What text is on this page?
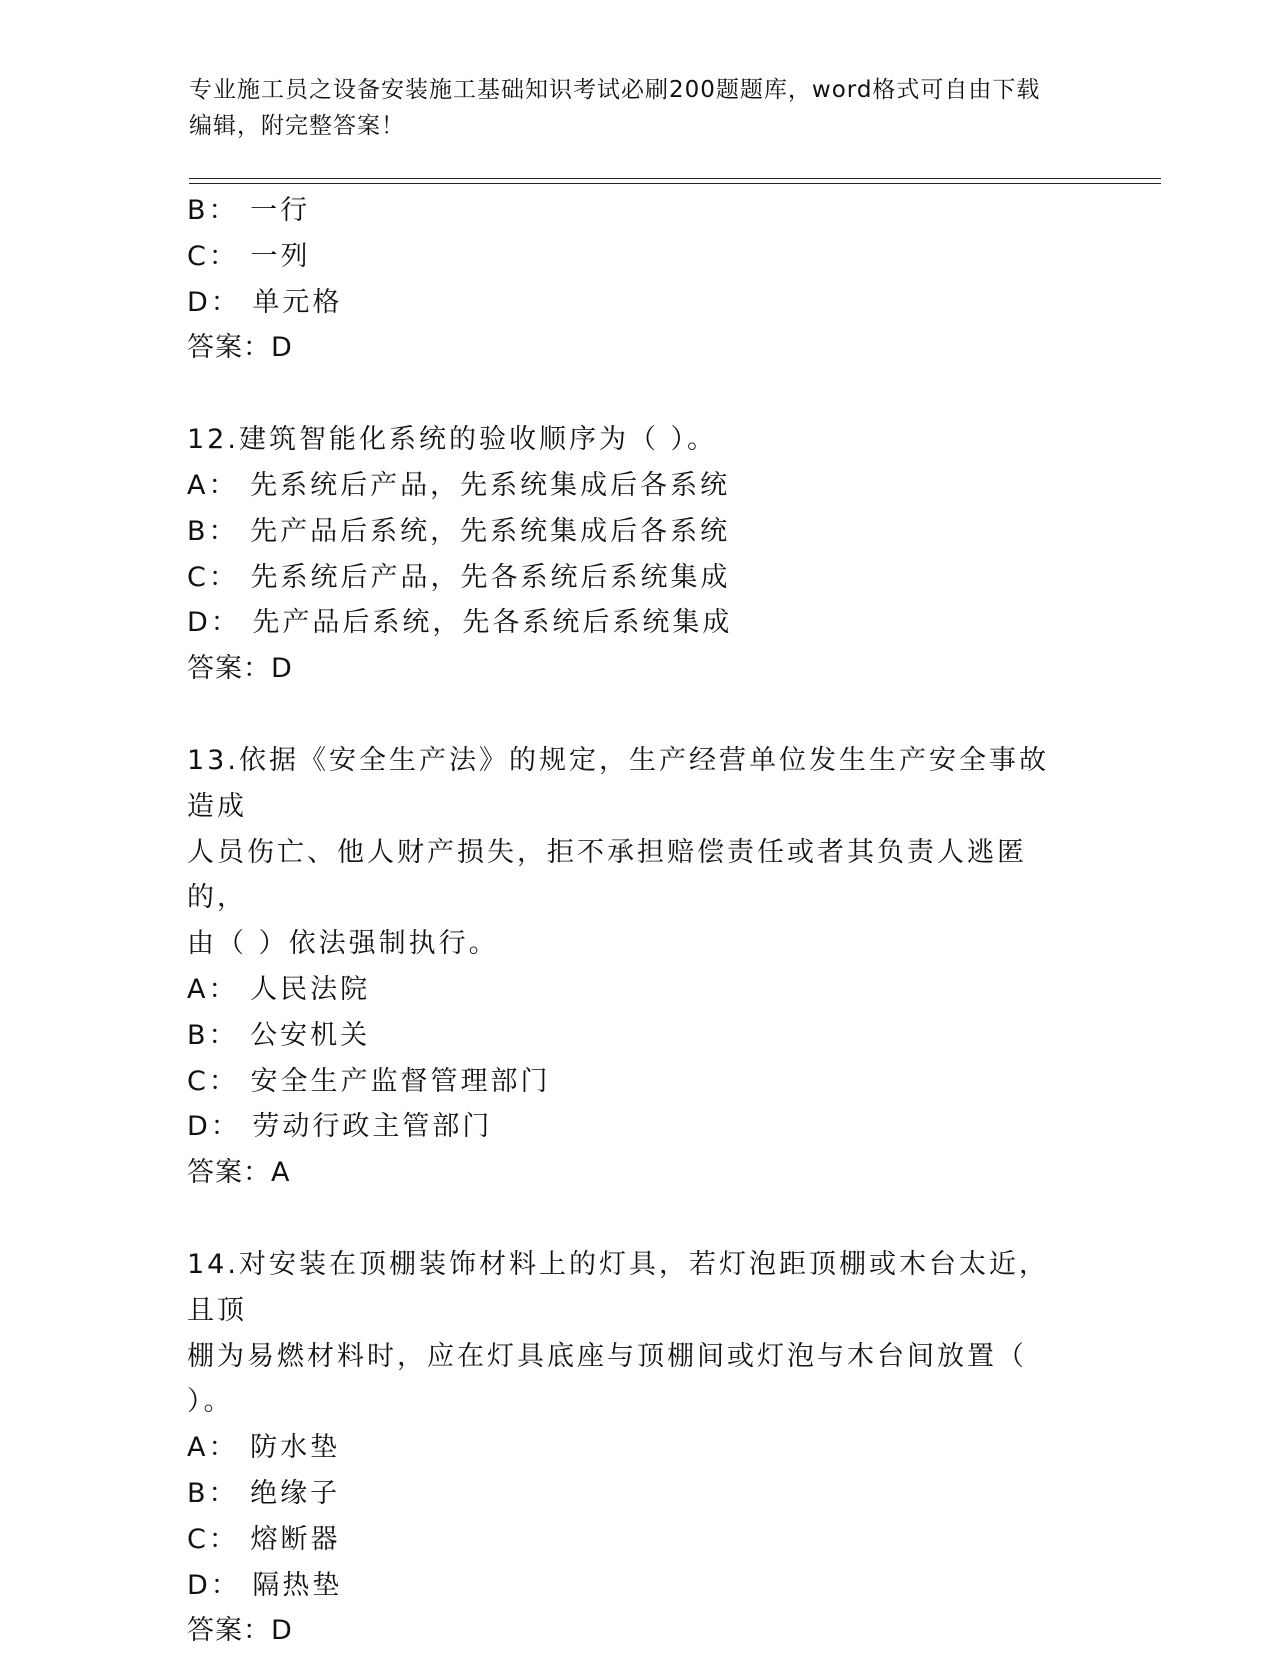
专业施工员之设备安装施工基础知识考试必刷200题题库，word格式可自由下载
编辑，附完整答案！
B： 一行
C： 一列
D： 单元格
答案：D
12.建筑智能化系统的验收顺序为（ ）。
A： 先系统后产品，先系统集成后各系统
B： 先产品后系统，先系统集成后各系统
C： 先系统后产品，先各系统后系统集成
D： 先产品后系统，先各系统后系统集成
答案：D
13.依据《安全生产法》的规定，生产经营单位发生生产安全事故造成
人员伤亡、他人财产损失，拒不承担赔偿责任或者其负责人逃匿的，
由（ ）依法强制执行。
A： 人民法院
B： 公安机关
C： 安全生产监督管理部门
D： 劳动行政主管部门
答案：A
14.对安装在顶棚装饰材料上的灯具，若灯泡距顶棚或木台太近，且顶
棚为易燃材料时，应在灯具底座与顶棚间或灯泡与木台间放置（ ）。
A： 防水垫
B： 绝缘子
C： 熔断器
D： 隔热垫
答案：D
